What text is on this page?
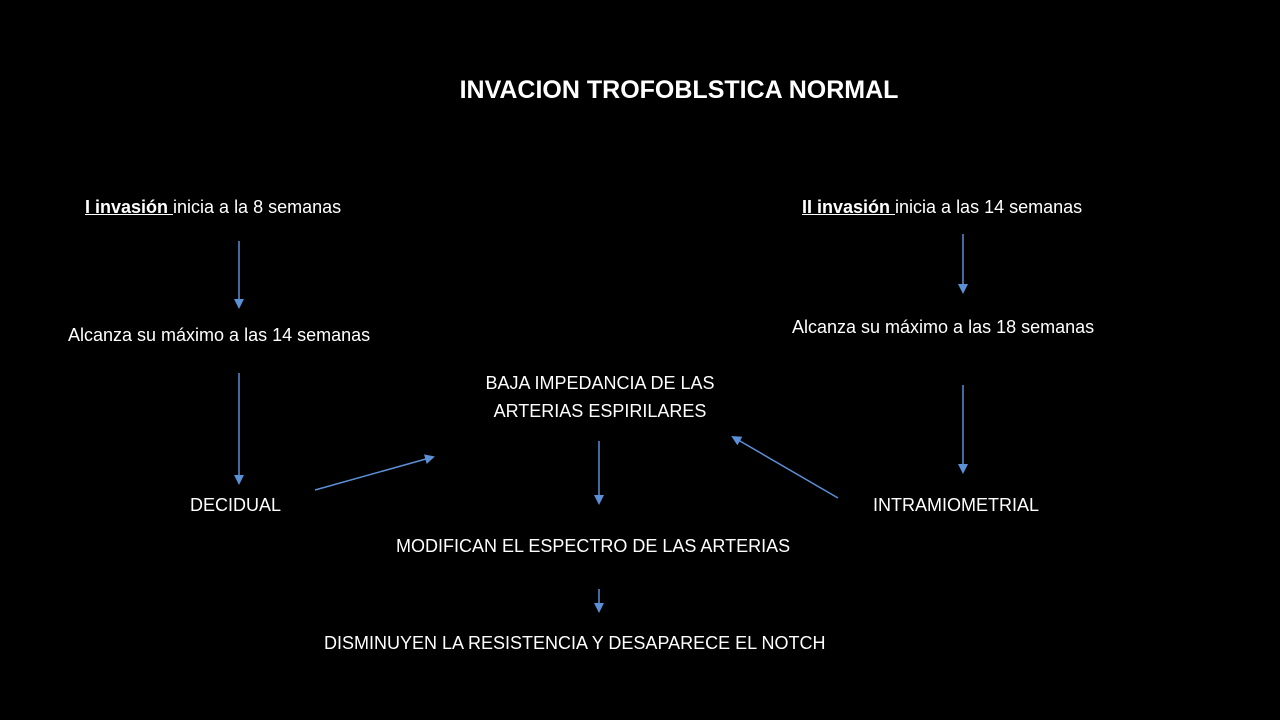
INVACION TROFOBLSTICA NORMAL
I invasión inicia a la 8 semanas
Alcanza su máximo a las 14 semanas
DECIDUAL
II invasión inicia a las 14 semanas
Alcanza su máximo a las 18 semanas
INTRAMIOMETRIAL
BAJA IMPEDANCIA DE LAS
ARTERIAS ESPIRILARES
MODIFICAN EL ESPECTRO DE LAS ARTERIAS
DISMINUYEN LA RESISTENCIA Y DESAPARECE EL NOTCH
